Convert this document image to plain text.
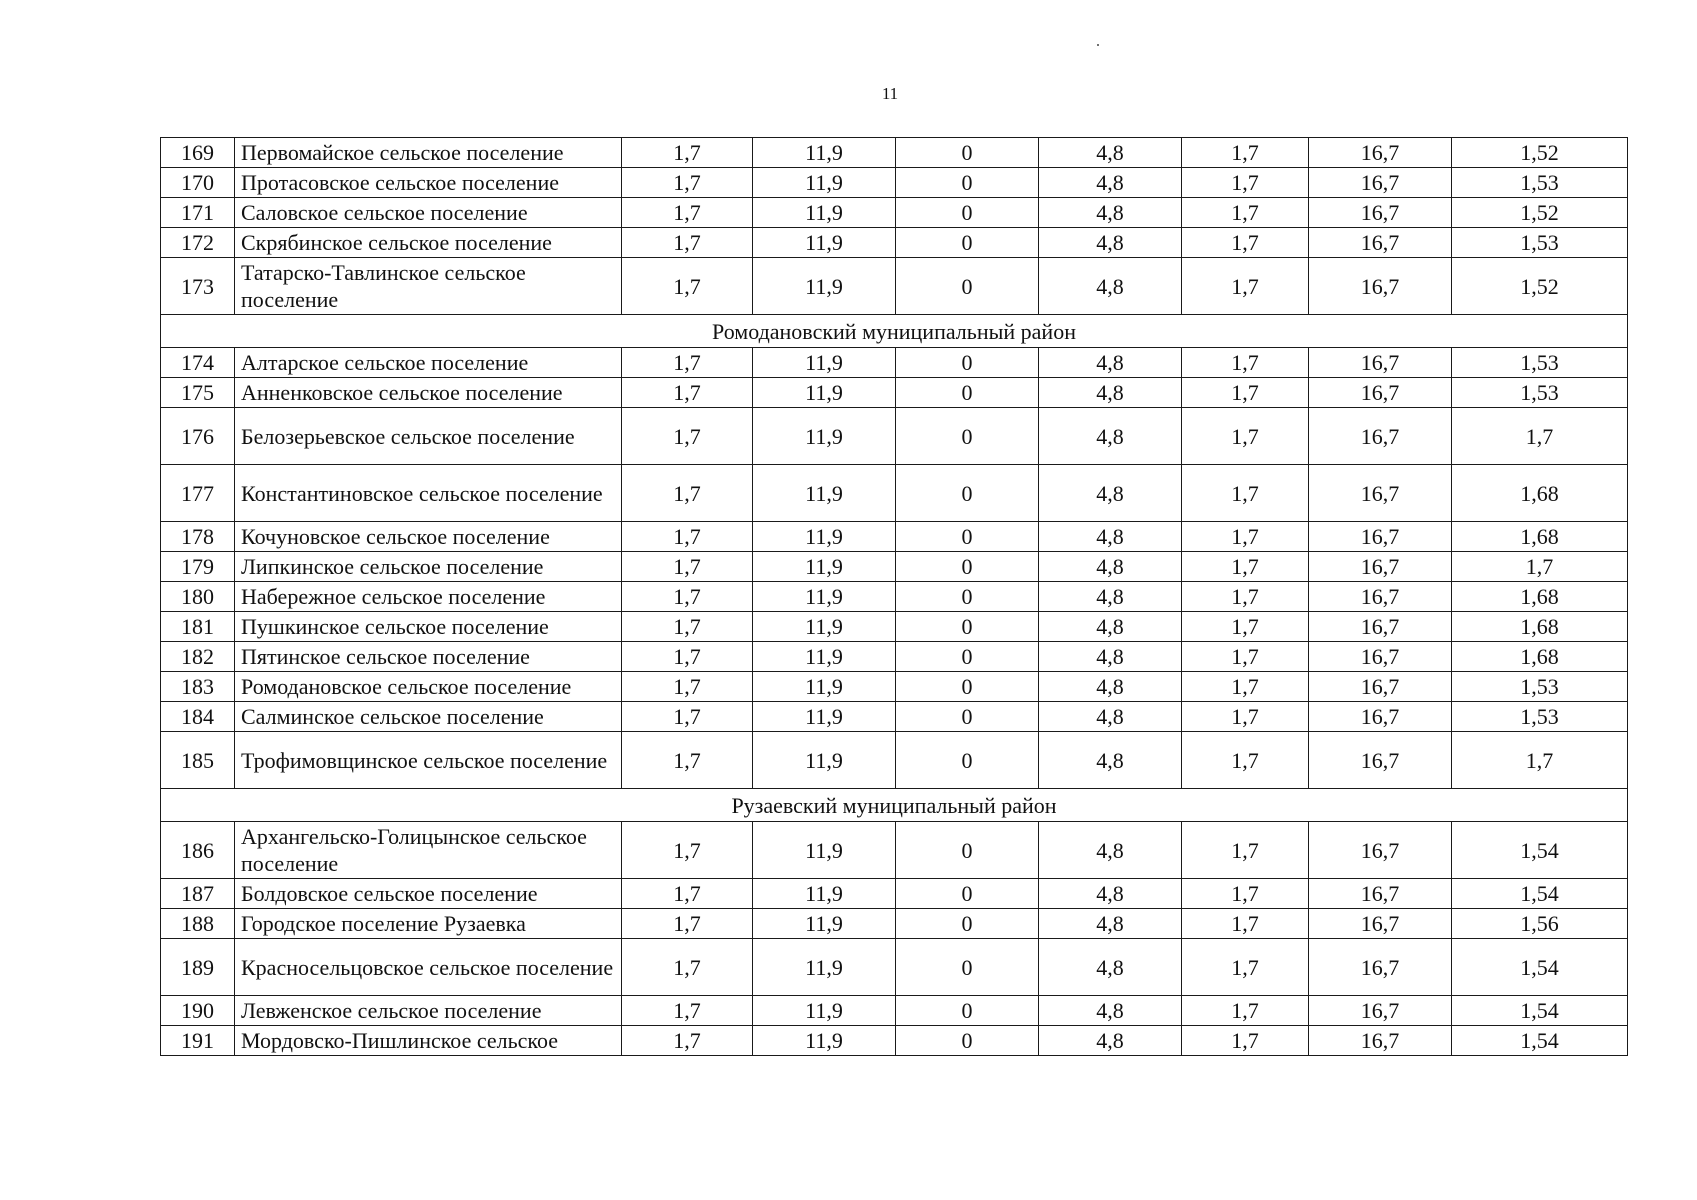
11
169	Первомайское сельское поселение	1,7	11,9	0	4,8	1,7	16,7	1,52
170	Протасовское сельское поселение	1,7	11,9	0	4,8	1,7	16,7	1,53
171	Саловское сельское поселение	1,7	11,9	0	4,8	1,7	16,7	1,52
172	Скрябинское сельское поселение	1,7	11,9	0	4,8	1,7	16,7	1,53
173	Татарско-Тавлинское сельское поселение	1,7	11,9	0	4,8	1,7	16,7	1,52
Ромодановский муниципальный район								
174	Алтарское сельское поселение	1,7	11,9	0	4,8	1,7	16,7	1,53
175	Анненковское сельское поселение	1,7	11,9	0	4,8	1,7	16,7	1,53
176	Белозерьевское сельское поселение	1,7	11,9	0	4,8	1,7	16,7	1,7
177	Константиновское сельское поселение	1,7	11,9	0	4,8	1,7	16,7	1,68
178	Кочуновское сельское поселение	1,7	11,9	0	4,8	1,7	16,7	1,68
179	Липкинское сельское поселение	1,7	11,9	0	4,8	1,7	16,7	1,7
180	Набережное сельское поселение	1,7	11,9	0	4,8	1,7	16,7	1,68
181	Пушкинское сельское поселение	1,7	11,9	0	4,8	1,7	16,7	1,68
182	Пятинское сельское поселение	1,7	11,9	0	4,8	1,7	16,7	1,68
183	Ромодановское сельское поселение	1,7	11,9	0	4,8	1,7	16,7	1,53
184	Салминское сельское поселение	1,7	11,9	0	4,8	1,7	16,7	1,53
185	Трофимовщинское сельское поселение	1,7	11,9	0	4,8	1,7	16,7	1,7
Рузаевский муниципальный район								
186	Архангельско-Голицынское сельское поселение	1,7	11,9	0	4,8	1,7	16,7	1,54
187	Болдовское сельское поселение	1,7	11,9	0	4,8	1,7	16,7	1,54
188	Городское поселение Рузаевка	1,7	11,9	0	4,8	1,7	16,7	1,56
189	Красносельцовское сельское поселение	1,7	11,9	0	4,8	1,7	16,7	1,54
190	Левженское сельское поселение	1,7	11,9	0	4,8	1,7	16,7	1,54
191	Мордовско-Пишлинское сельское	1,7	11,9	0	4,8	1,7	16,7	1,54
